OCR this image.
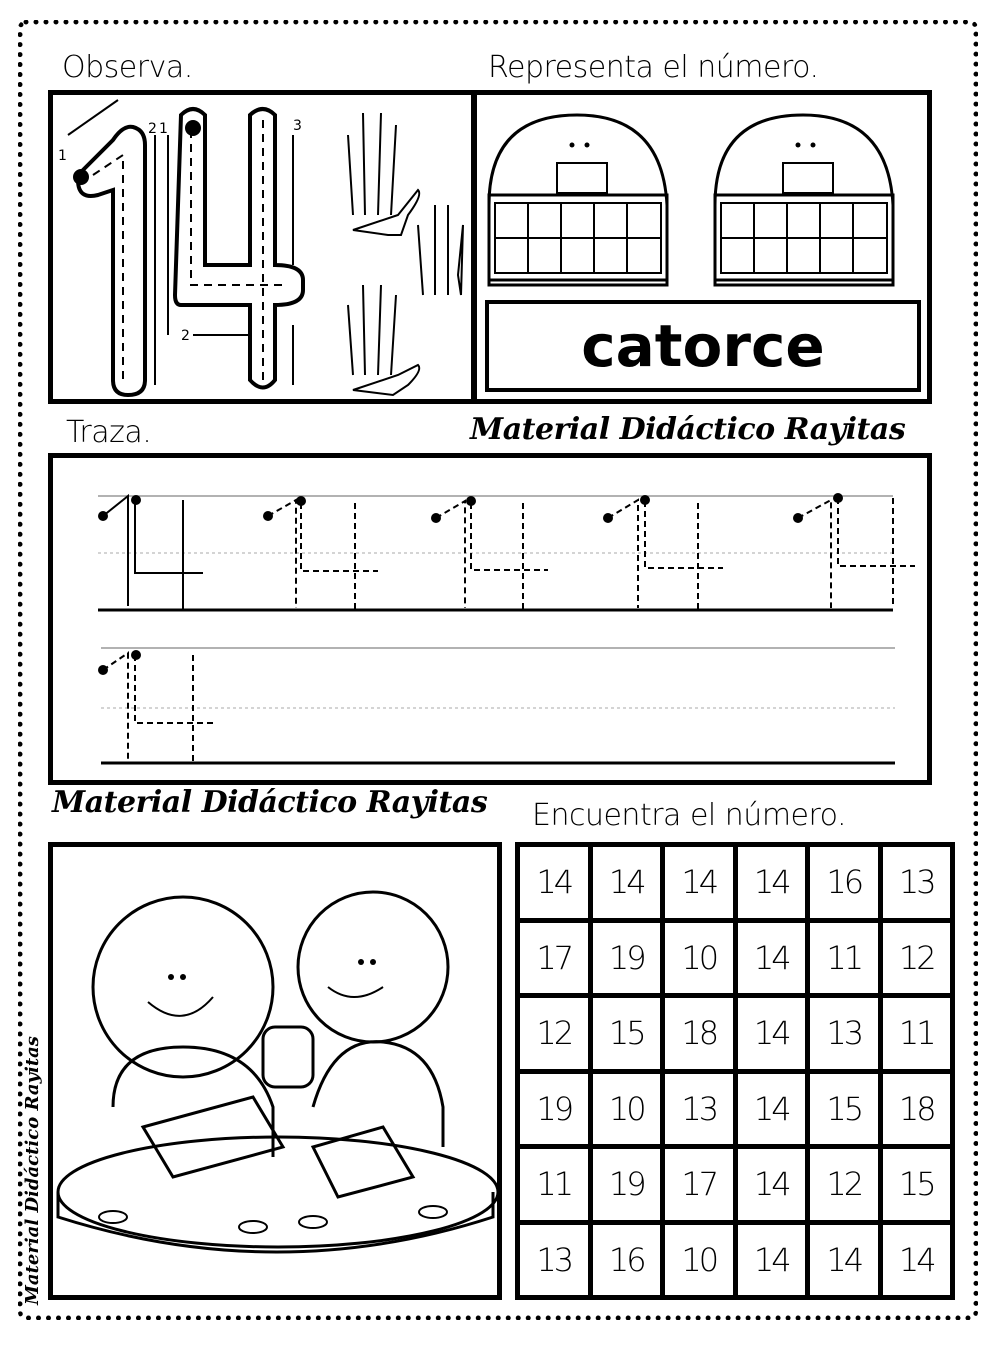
Observa.
1
2 1
2
3
Representa el número.
catorce
Traza.	Material Didáctico Rayitas
Material Didáctico Rayitas
Material Didáctico Rayitas
Encuentra el número.
14	14	14	14	16	13
17	19	10	14	11	12
12	15	18	14	13	11
19	10	13	14	15	18
11	19	17	14	12	15
13	16	10	14	14	14
